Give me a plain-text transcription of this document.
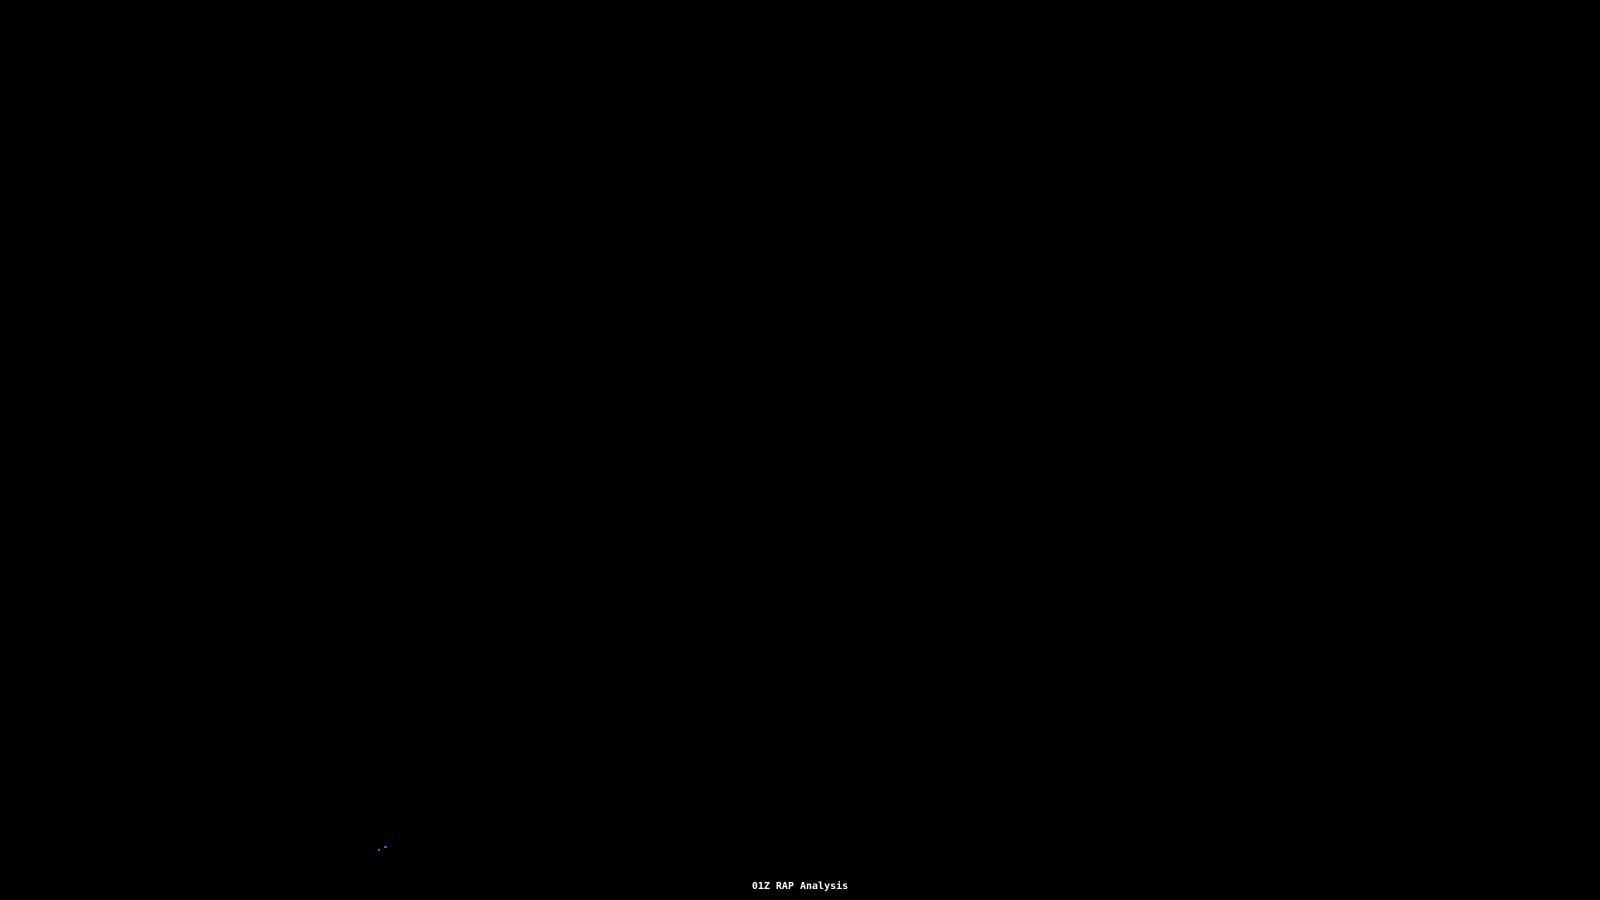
01Z RAP Analysis
